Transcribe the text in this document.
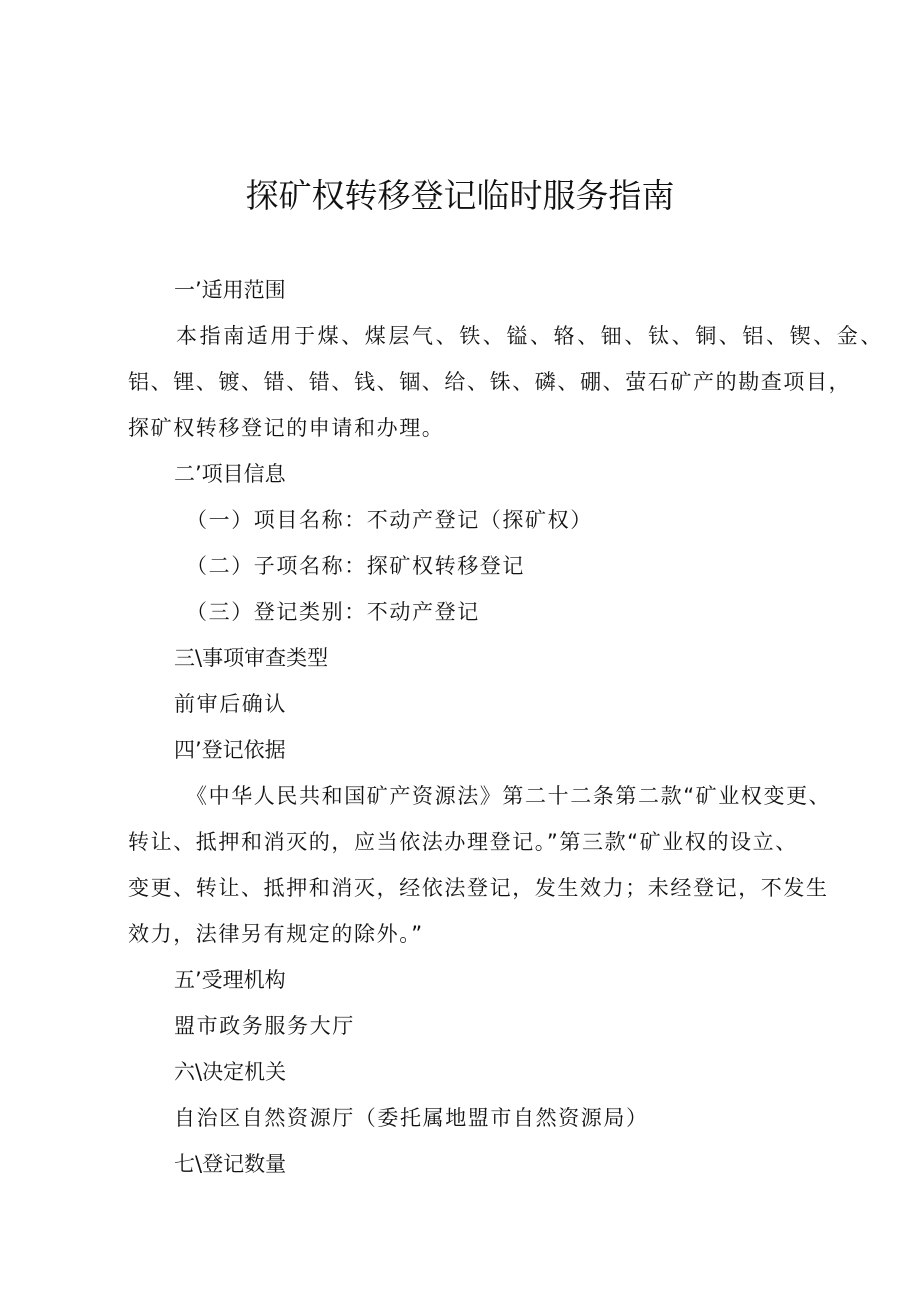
探矿权转移登记临时服务指南
一’适用范围
本指南适用于煤、煤层气、铁、镒、辂、钿、钛、铜、铝、锲、金、
铝、锂、镀、错、错、钱、锢、给、铢、磷、硼、萤石矿产的勘查项目，
探矿权转移登记的申请和办理。
二’项目信息
（一）项目名称：不动产登记（探矿权）
（二）子项名称：探矿权转移登记
（三）登记类别：不动产登记
三\事项审查类型
前审后确认
四’登记依据
《中华人民共和国矿产资源法》第二十二条第二款“矿业权变更、
转让、抵押和消灭的，应当依法办理登记。”第三款“矿业权的设立、
变更、转让、抵押和消灭，经依法登记，发生效力；未经登记，不发生
效力，法律另有规定的除外。”
五’受理机构
盟市政务服务大厅
六\决定机关
自治区自然资源厅（委托属地盟市自然资源局）
七\登记数量
